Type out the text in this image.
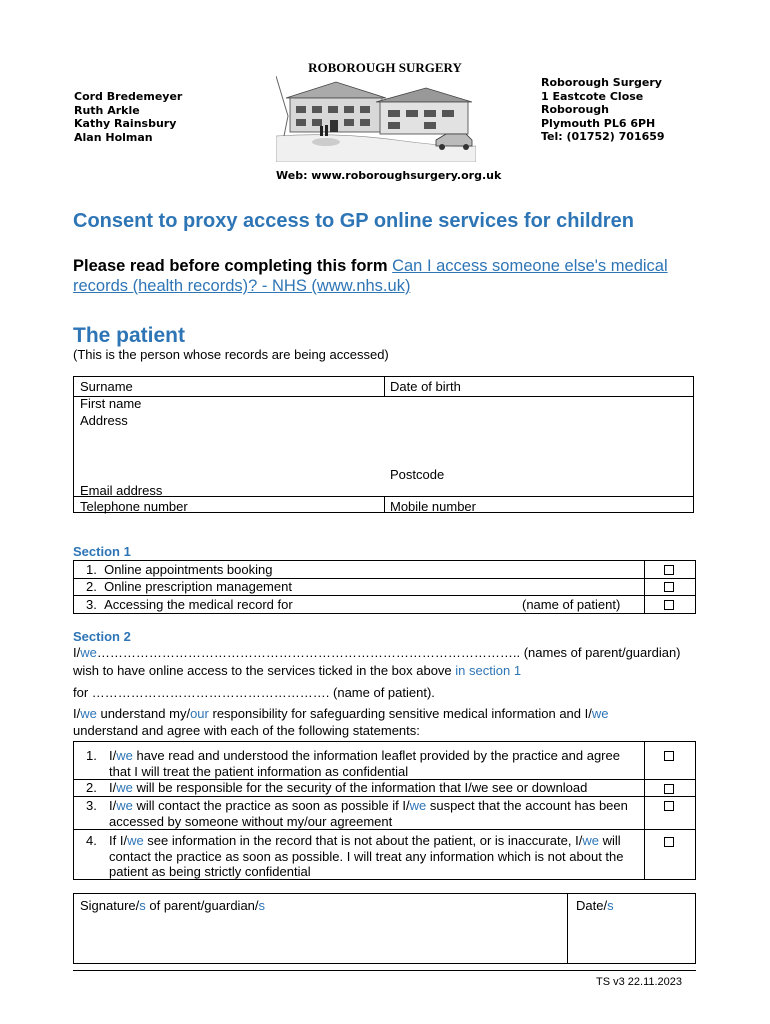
ROBOROUGH SURGERY
Cord Bredemeyer
Ruth Arkle
Kathy Rainsbury
Alan Holman
Roborough Surgery
1 Eastcote Close
Roborough
Plymouth PL6 6PH
Tel: (01752) 701659
Web: www.roboroughsurgery.org.uk
Consent to proxy access to GP online services for children
Please read before completing this form Can I access someone else's medical records (health records)? - NHS (www.nhs.uk)
The patient
(This is the person whose records are being accessed)
Surname	Date of birth
First name
Address
Postcode
Email address
Telephone number	Mobile number
Section 1
1. Online appointments booking
2. Online prescription management
3. Accessing the medical record for	(name of patient)
Section 2
I/we…………………………………………………………………………………….. (names of parent/guardian)
wish to have online access to the services ticked in the box above in section 1
for ………………………………………………. (name of patient).
I/we understand my/our responsibility for safeguarding sensitive medical information and I/we
understand and agree with each of the following statements:
1. I/we have read and understood the information leaflet provided by the practice and agree that I will treat the patient information as confidential
2. I/we will be responsible for the security of the information that I/we see or download
3. I/we will contact the practice as soon as possible if I/we suspect that the account has been accessed by someone without my/our agreement
4. If I/we see information in the record that is not about the patient, or is inaccurate, I/we will contact the practice as soon as possible. I will treat any information which is not about the patient as being strictly confidential
Signature/s of parent/guardian/s	Date/s
TS v3 22.11.2023
